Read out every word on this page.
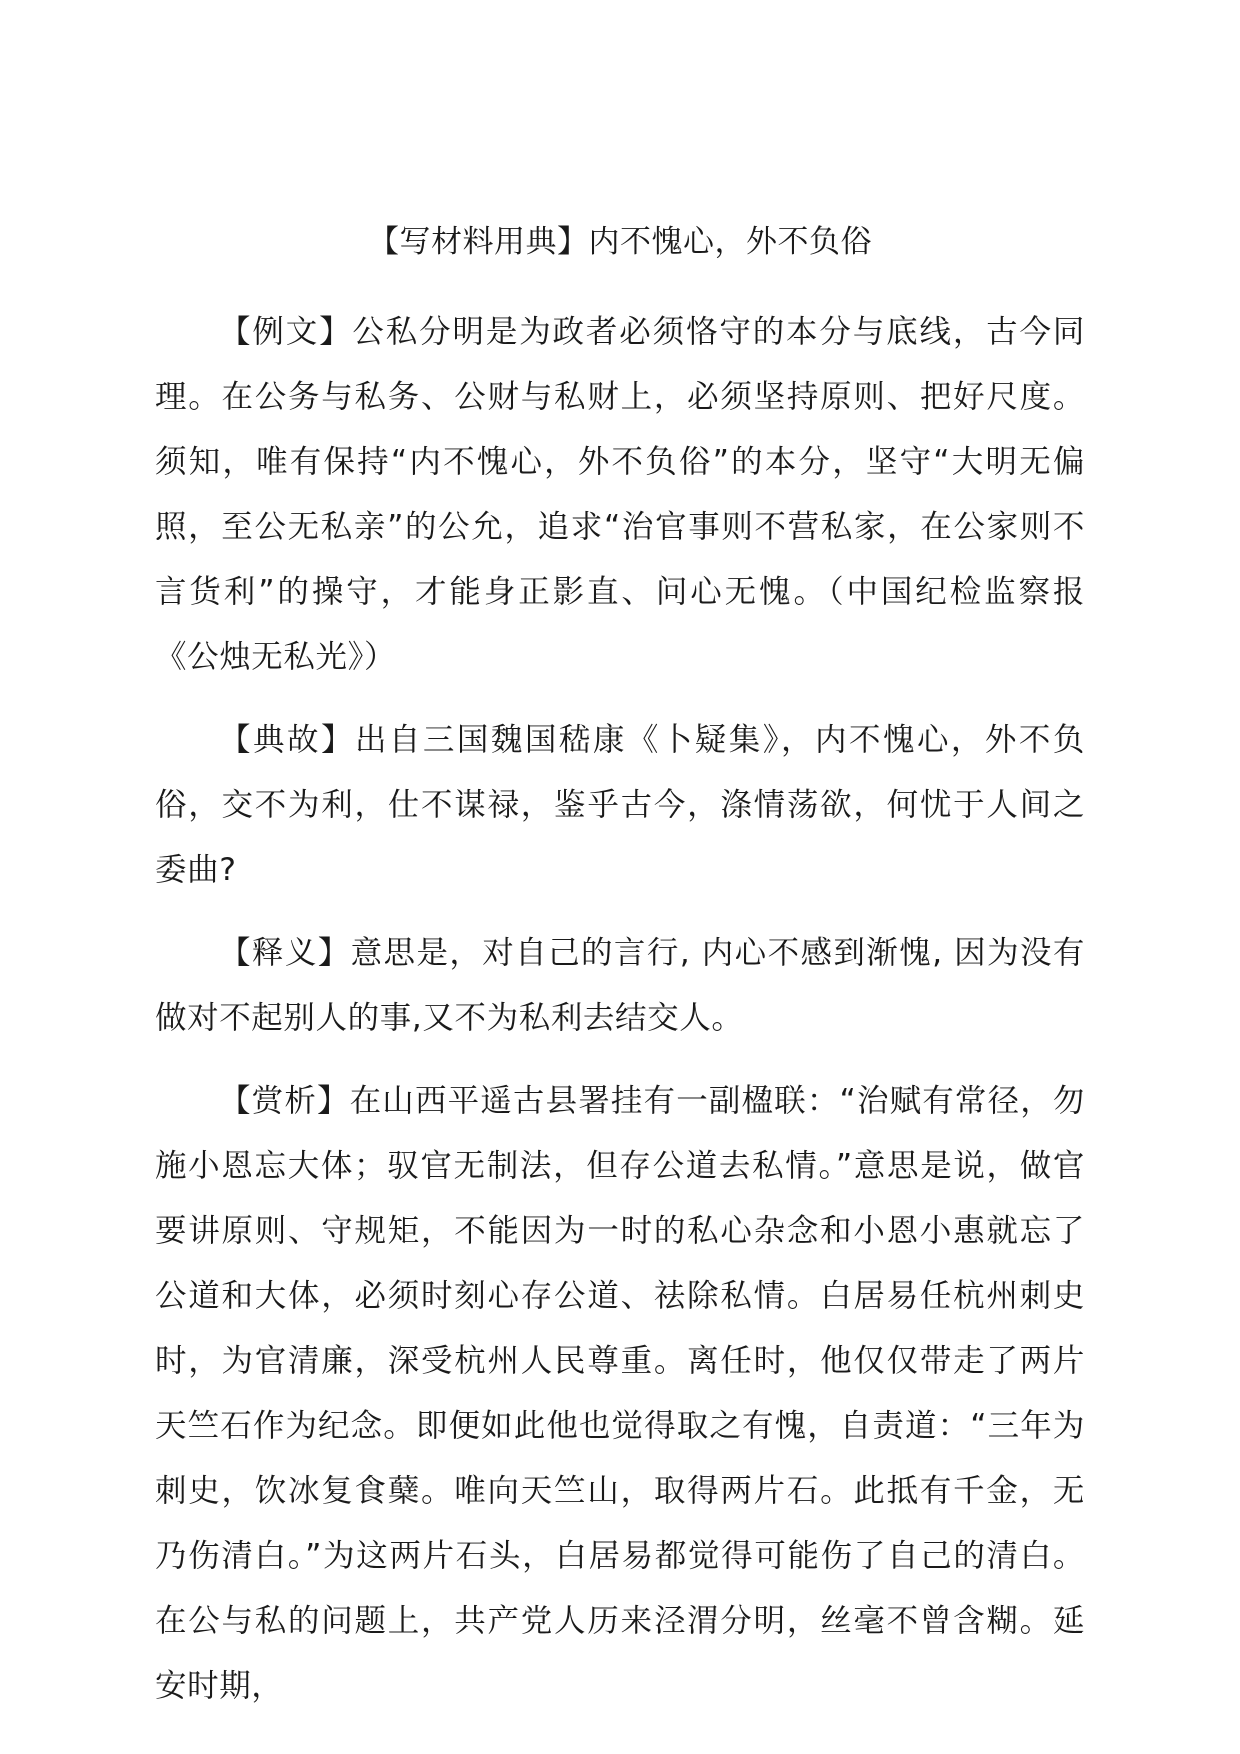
【写材料用典】内不愧心，外不负俗

【例文】公私分明是为政者必须恪守的本分与底线，古今同理。在公务与私务、公财与私财上，必须坚持原则、把好尺度。须知，唯有保持“内不愧心，外不负俗”的本分，坚守“大明无偏照，至公无私亲”的公允，追求“治官事则不营私家，在公家则不言货利”的操守，才能身正影直、问心无愧。（中国纪检监察报《公烛无私光》）

【典故】出自三国魏国嵇康《卜疑集》，内不愧心，外不负俗，交不为利，仕不谋禄，鉴乎古今，涤情荡欲，何忧于人间之委曲?

【释义】意思是，对自己的言行, 内心不感到渐愧, 因为没有做对不起别人的事,又不为私利去结交人。

【赏析】在山西平遥古县署挂有一副楹联：“治赋有常径，勿施小恩忘大体；驭官无制法，但存公道去私情。”意思是说，做官要讲原则、守规矩，不能因为一时的私心杂念和小恩小惠就忘了公道和大体，必须时刻心存公道、祛除私情。白居易任杭州刺史时，为官清廉，深受杭州人民尊重。离任时，他仅仅带走了两片天竺石作为纪念。即便如此他也觉得取之有愧，自责道：“三年为刺史，饮冰复食蘖。唯向天竺山，取得两片石。此抵有千金，无乃伤清白。”为这两片石头，白居易都觉得可能伤了自己的清白。在公与私的问题上，共产党人历来泾渭分明，丝毫不曾含糊。延安时期，
